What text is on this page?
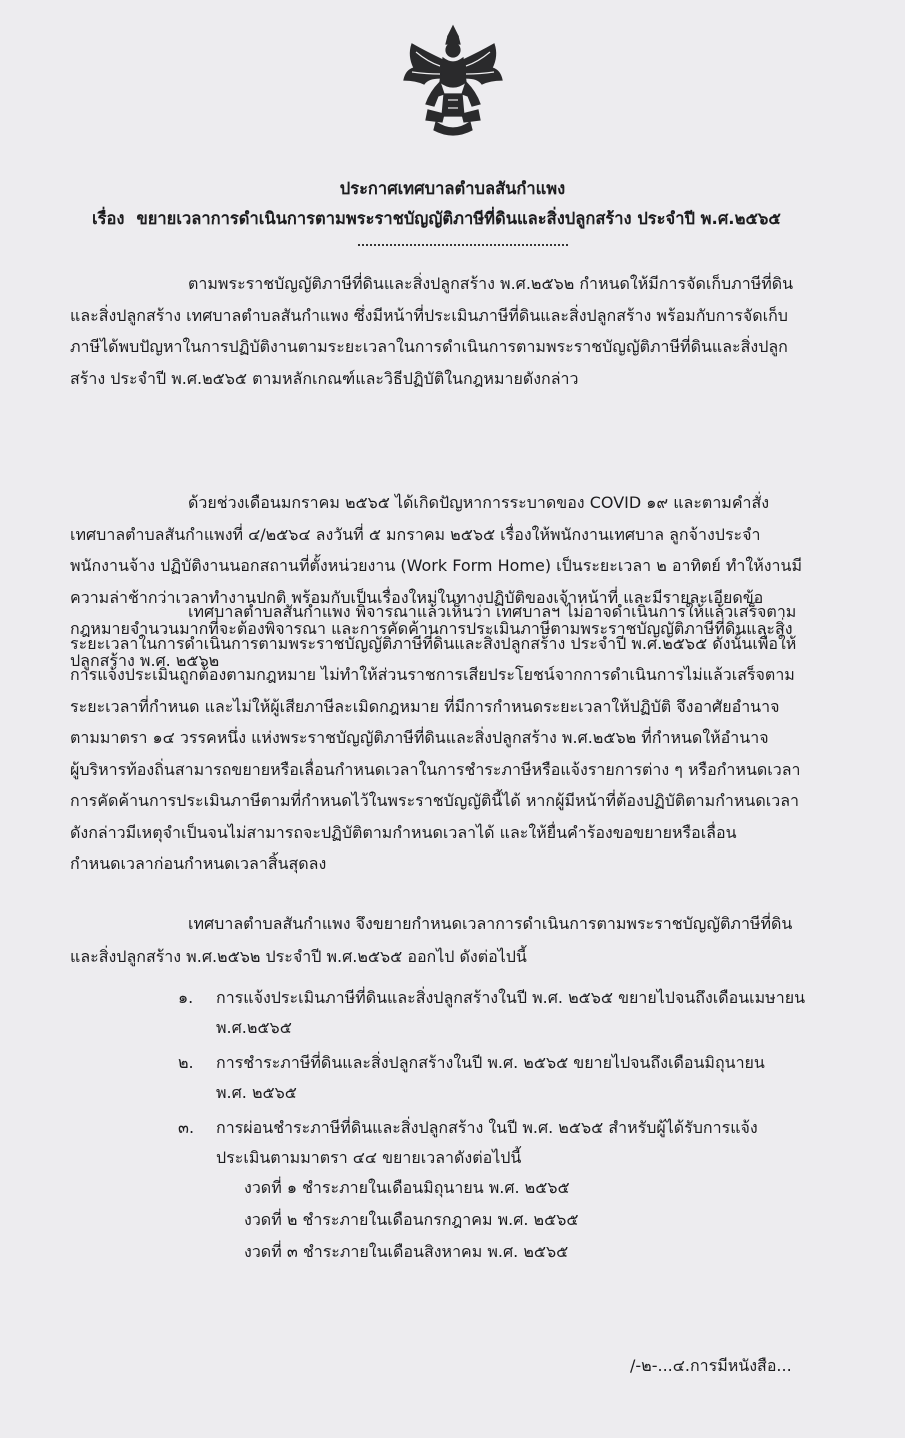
ประกาศเทศบาลตำบลสันกำแพง
เรื่อง ขยายเวลาการดำเนินการตามพระราชบัญญัติภาษีที่ดินและสิ่งปลูกสร้าง ประจำปี พ.ศ.๒๕๖๕
ตามพระราชบัญญัติภาษีที่ดินและสิ่งปลูกสร้าง พ.ศ.๒๕๖๒ กำหนดให้มีการจัดเก็บภาษีที่ดิน
และสิ่งปลูกสร้าง เทศบาลตำบลสันกำแพง ซึ่งมีหน้าที่ประเมินภาษีที่ดินและสิ่งปลูกสร้าง พร้อมกับการจัดเก็บ
ภาษีได้พบปัญหาในการปฏิบัติงานตามระยะเวลาในการดำเนินการตามพระราชบัญญัติภาษีที่ดินและสิ่งปลูก
สร้าง ประจำปี พ.ศ.๒๕๖๕ ตามหลักเกณฑ์และวิธีปฏิบัติในกฎหมายดังกล่าว
ด้วยช่วงเดือนมกราคม ๒๕๖๕ ได้เกิดปัญหาการระบาดของ COVID ๑๙ และตามคำสั่ง
เทศบาลตำบลสันกำแพงที่ ๔/๒๕๖๔ ลงวันที่ ๕ มกราคม ๒๕๖๕ เรื่องให้พนักงานเทศบาล ลูกจ้างประจำ
พนักงานจ้าง ปฏิบัติงานนอกสถานที่ตั้งหน่วยงาน (Work Form Home) เป็นระยะเวลา ๒ อาทิตย์ ทำให้งานมี
ความล่าช้ากว่าเวลาทำงานปกติ พร้อมกับเป็นเรื่องใหม่ในทางปฏิบัติของเจ้าหน้าที่ และมีรายละเอียดข้อ
กฎหมายจำนวนมากที่จะต้องพิจารณา และการคัดค้านการประเมินภาษีตามพระราชบัญญัติภาษีที่ดินและสิ่ง
ปลูกสร้าง พ.ศ. ๒๕๖๒
เทศบาลตำบลสันกำแพง พิจารณาแล้วเห็นว่า เทศบาลฯ ไม่อาจดำเนินการให้แล้วเสร็จตาม
ระยะเวลาในการดำเนินการตามพระราชบัญญัติภาษีที่ดินและสิ่งปลูกสร้าง ประจำปี พ.ศ.๒๕๖๕ ดังนั้นเพื่อให้
การแจ้งประเมินถูกต้องตามกฎหมาย ไม่ทำให้ส่วนราชการเสียประโยชน์จากการดำเนินการไม่แล้วเสร็จตาม
ระยะเวลาที่กำหนด และไม่ให้ผู้เสียภาษีละเมิดกฎหมาย ที่มีการกำหนดระยะเวลาให้ปฏิบัติ จึงอาศัยอำนาจ
ตามมาตรา ๑๔ วรรคหนึ่ง แห่งพระราชบัญญัติภาษีที่ดินและสิ่งปลูกสร้าง พ.ศ.๒๕๖๒ ที่กำหนดให้อำนาจ
ผู้บริหารท้องถิ่นสามารถขยายหรือเลื่อนกำหนดเวลาในการชำระภาษีหรือแจ้งรายการต่าง ๆ หรือกำหนดเวลา
การคัดค้านการประเมินภาษีตามที่กำหนดไว้ในพระราชบัญญัตินี้ได้ หากผู้มีหน้าที่ต้องปฏิบัติตามกำหนดเวลา
ดังกล่าวมีเหตุจำเป็นจนไม่สามารถจะปฏิบัติตามกำหนดเวลาได้ และให้ยื่นคำร้องขอขยายหรือเลื่อน
กำหนดเวลาก่อนกำหนดเวลาสิ้นสุดลง
เทศบาลตำบลสันกำแพง จึงขยายกำหนดเวลาการดำเนินการตามพระราชบัญญัติภาษีที่ดิน
และสิ่งปลูกสร้าง พ.ศ.๒๕๖๒ ประจำปี พ.ศ.๒๕๖๕ ออกไป ดังต่อไปนี้
๑. การแจ้งประเมินภาษีที่ดินและสิ่งปลูกสร้างในปี พ.ศ. ๒๕๖๕ ขยายไปจนถึงเดือนเมษายน
พ.ศ.๒๕๖๕
๒. การชำระภาษีที่ดินและสิ่งปลูกสร้างในปี พ.ศ. ๒๕๖๕ ขยายไปจนถึงเดือนมิถุนายน
พ.ศ. ๒๕๖๕
๓. การผ่อนชำระภาษีที่ดินและสิ่งปลูกสร้าง ในปี พ.ศ. ๒๕๖๕ สำหรับผู้ได้รับการแจ้ง
ประเมินตามมาตรา ๔๔ ขยายเวลาดังต่อไปนี้
งวดที่ ๑ ชำระภายในเดือนมิถุนายน พ.ศ. ๒๕๖๕
งวดที่ ๒ ชำระภายในเดือนกรกฎาคม พ.ศ. ๒๕๖๕
งวดที่ ๓ ชำระภายในเดือนสิงหาคม พ.ศ. ๒๕๖๕
/-๒-...๔.การมีหนังสือ...
